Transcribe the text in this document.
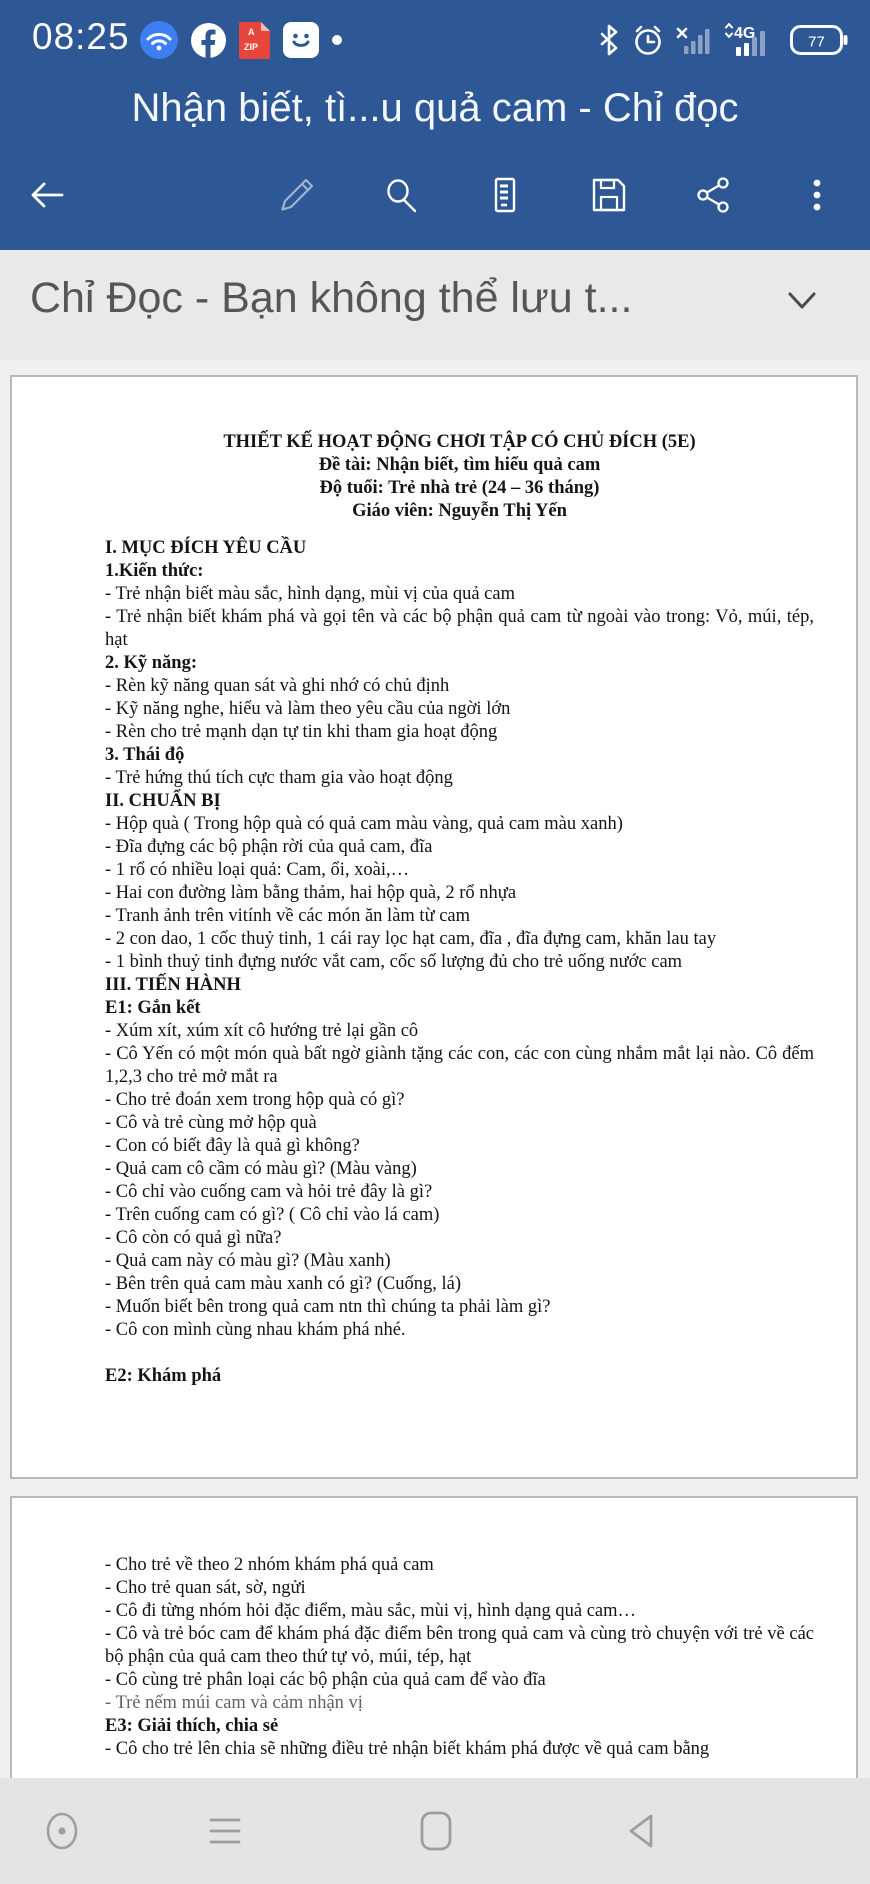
08:25	A
ZIP
4G	77
Nhận biết, tì...u quả cam - Chỉ đọc
Chỉ Đọc - Bạn không thể lưu t...

THIẾT KẾ HOẠT ĐỘNG CHƠI TẬP CÓ CHỦ ĐÍCH (5E)

Đề tài: Nhận biết, tìm hiểu quả cam

Độ tuổi: Trẻ nhà trẻ (24 – 36 tháng)

Giáo viên: Nguyễn Thị Yến

I. MỤC ĐÍCH YÊU CẦU

1.Kiến thức:

- Trẻ nhận biết màu sắc, hình dạng, mùi vị của quả cam

- Trẻ nhận biết khám phá và gọi tên và các bộ phận quả cam từ ngoài vào trong: Vỏ, múi, tép, hạt

2. Kỹ năng:

- Rèn kỹ năng quan sát và ghi nhớ có chủ định

- Kỹ năng nghe, hiểu và làm theo yêu cầu của ngời lớn

- Rèn cho trẻ mạnh dạn tự tin khi tham gia hoạt động

3. Thái độ

- Trẻ hứng thú tích cực tham gia vào hoạt động

II. CHUẨN BỊ

- Hộp quà ( Trong hộp quà có quả cam màu vàng, quả cam màu xanh)

- Đĩa đựng các bộ phận rời của quả cam, đĩa

- 1 rổ có nhiều loại quả: Cam, ổi, xoài,…

- Hai con đường làm bằng thảm, hai hộp quà, 2 rổ nhựa

- Tranh ảnh trên vitính về các món ăn làm từ cam

- 2 con dao, 1 cốc thuỷ tinh, 1 cái ray lọc hạt cam, đĩa , đĩa đựng cam, khăn lau tay

- 1 bình thuỷ tinh đựng nước vắt cam, cốc số lượng đủ cho trẻ uống nước cam

III. TIẾN HÀNH

E1: Gắn kết

- Xúm xít, xúm xít cô hướng trẻ lại gần cô

- Cô Yến có một món quà bất ngờ giành tặng các con, các con cùng nhắm mắt lại nào. Cô đếm 1,2,3 cho trẻ mở mắt ra

- Cho trẻ đoán xem trong hộp quà có gì?

- Cô và trẻ cùng mở hộp quà

- Con có biết đây là quả gì không?

- Quả cam cô cầm có màu gì? (Màu vàng)

- Cô chỉ vào cuống cam và hỏi trẻ đây là gì?

- Trên cuống cam có gì? ( Cô chỉ vào lá cam)

- Cô còn có quả gì nữa?

- Quả cam này có màu gì? (Màu xanh)

- Bên trên quả cam màu xanh có gì? (Cuống, lá)

- Muốn biết bên trong quả cam ntn thì chúng ta phải làm gì?

- Cô con mình cùng nhau khám phá nhé.

E2: Khám phá

- Cho trẻ về theo 2 nhóm khám phá quả cam

- Cho trẻ quan sát, sờ, ngửi

- Cô đi từng nhóm hỏi đặc điểm, màu sắc, mùi vị, hình dạng quả cam…

- Cô và trẻ bóc cam để khám phá đặc điểm bên trong quả cam và cùng trò chuyện với trẻ về các bộ phận của quả cam theo thứ tự vỏ, múi, tép, hạt

- Cô cùng trẻ phân loại các bộ phận của quả cam để vào đĩa

- Trẻ nếm múi cam và cảm nhận vị

E3: Giải thích, chia sẻ

- Cô cho trẻ lên chia sẽ những điều trẻ nhận biết khám phá được về quả cam bằng
